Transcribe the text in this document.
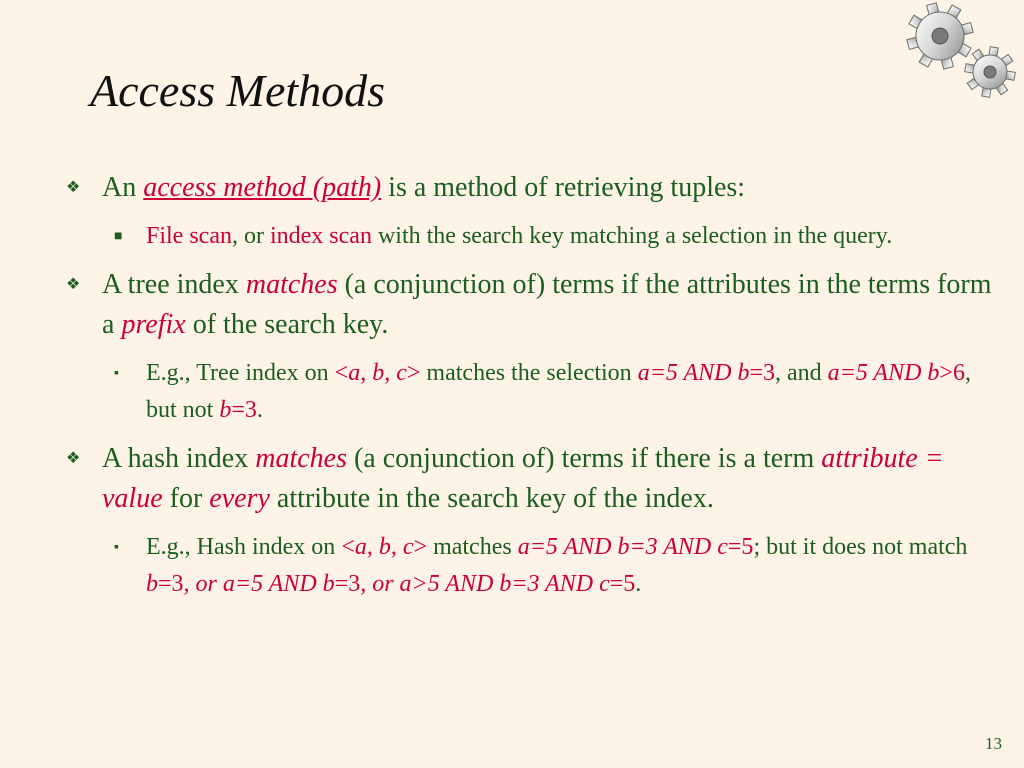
Access Methods
❖ An access method (path) is a method of retrieving tuples:
■ File scan, or index scan with the search key matching a selection in the query.
❖ A tree index matches (a conjunction of) terms if the attributes in the terms form a prefix of the search key.
▪ E.g., Tree index on <a, b, c> matches the selection a=5 AND b=3, and a=5 AND b>6, but not b=3.
❖ A hash index matches (a conjunction of) terms if there is a term attribute = value for every attribute in the search key of the index.
▪ E.g., Hash index on <a, b, c> matches a=5 AND b=3 AND c=5; but it does not match b=3, or a=5 AND b=3, or a>5 AND b=3 AND c=5.
13
